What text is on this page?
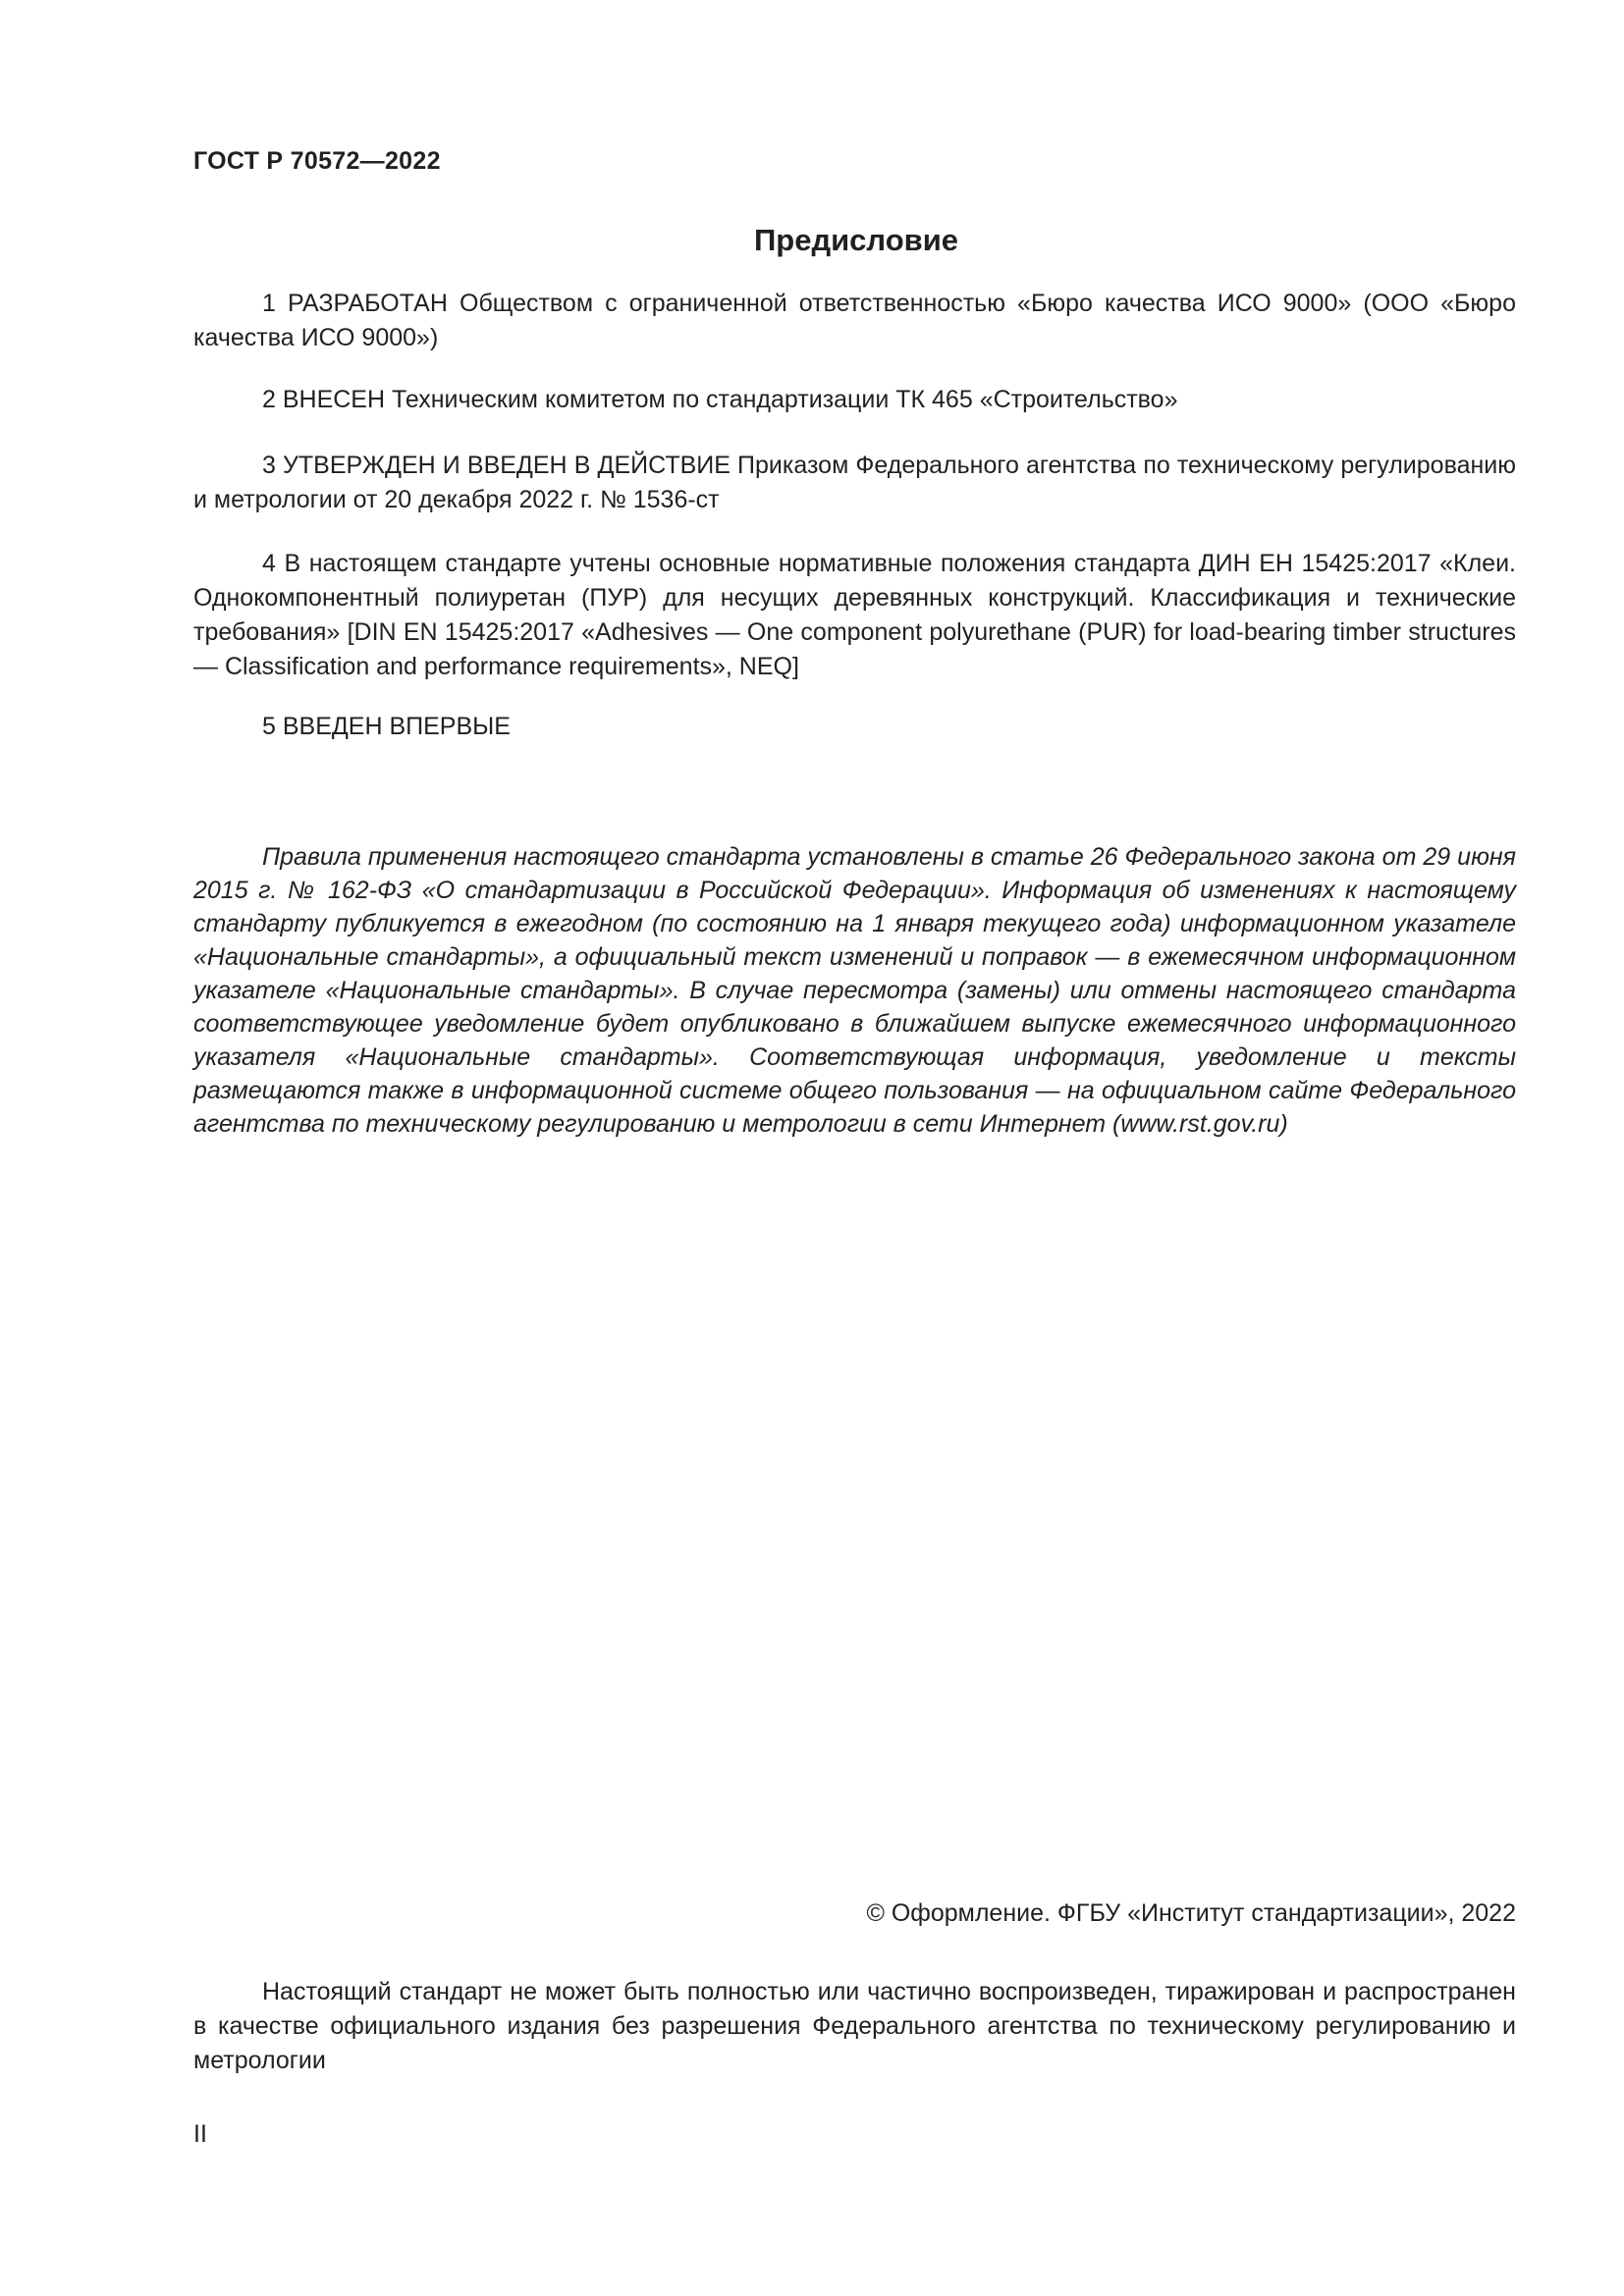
ГОСТ Р 70572—2022
Предисловие

1 РАЗРАБОТАН Обществом с ограниченной ответственностью «Бюро качества ИСО 9000» (ООО «Бюро качества ИСО 9000»)

2 ВНЕСЕН Техническим комитетом по стандартизации ТК 465 «Строительство»

3 УТВЕРЖДЕН И ВВЕДЕН В ДЕЙСТВИЕ Приказом Федерального агентства по техническому регулированию и метрологии от 20 декабря 2022 г. № 1536-ст

4 В настоящем стандарте учтены основные нормативные положения стандарта ДИН ЕН 15425:2017 «Клеи. Однокомпонентный полиуретан (ПУР) для несущих деревянных конструкций. Классификация и технические требования» [DIN EN 15425:2017 «Adhesives — One component polyurethane (PUR) for load-bearing timber structures — Classification and performance requirements», NEQ]

5 ВВЕДЕН ВПЕРВЫЕ

Правила применения настоящего стандарта установлены в статье 26 Федерального закона от 29 июня 2015 г. № 162-ФЗ «О стандартизации в Российской Федерации». Информация об изменениях к настоящему стандарту публикуется в ежегодном (по состоянию на 1 января текущего года) информационном указателе «Национальные стандарты», а официальный текст изменений и поправок — в ежемесячном информационном указателе «Национальные стандарты». В случае пересмотра (замены) или отмены настоящего стандарта соответствующее уведомление будет опубликовано в ближайшем выпуске ежемесячного информационного указателя «Национальные стандарты». Соответствующая информация, уведомление и тексты размещаются также в информационной системе общего пользования — на официальном сайте Федерального агентства по техническому регулированию и метрологии в сети Интернет (www.rst.gov.ru)

© Оформление. ФГБУ «Институт стандартизации», 2022

Настоящий стандарт не может быть полностью или частично воспроизведен, тиражирован и распространен в качестве официального издания без разрешения Федерального агентства по техническому регулированию и метрологии

II
